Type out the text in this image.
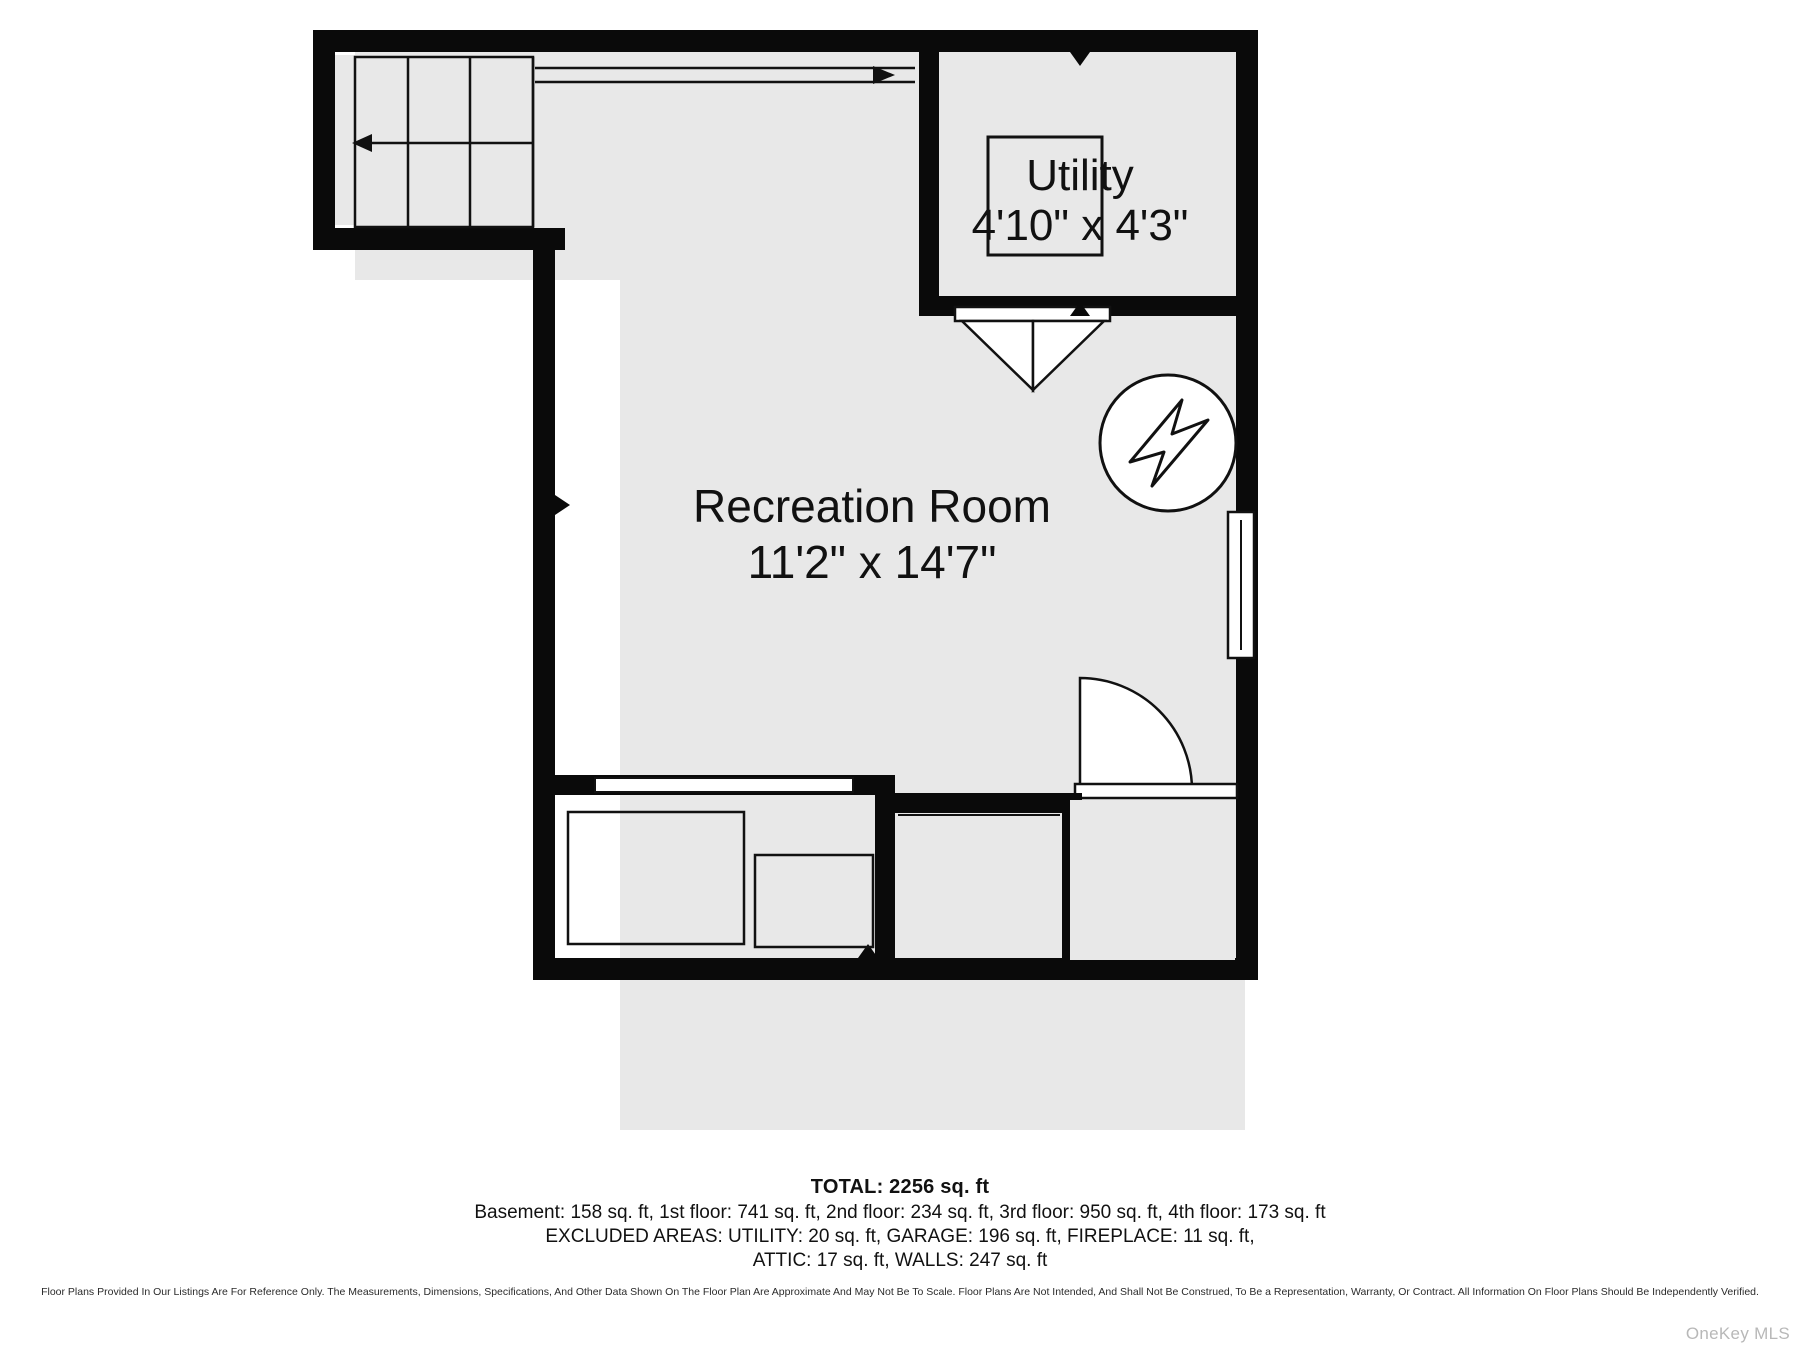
Utility
4'10" x 4'3"
Recreation Room
11'2" x 14'7"
TOTAL: 2256 sq. ft
Basement: 158 sq. ft, 1st floor: 741 sq. ft, 2nd floor: 234 sq. ft, 3rd floor: 950 sq. ft, 4th floor: 173 sq. ft
EXCLUDED AREAS: UTILITY: 20 sq. ft, GARAGE: 196 sq. ft, FIREPLACE: 11 sq. ft,
ATTIC: 17 sq. ft, WALLS: 247 sq. ft
Floor Plans Provided In Our Listings Are For Reference Only. The Measurements, Dimensions, Specifications, And Other Data Shown On The Floor Plan Are Approximate And May Not Be To Scale. Floor Plans Are Not Intended, And Shall Not Be Construed, To Be a Representation, Warranty, Or Contract. All Information On Floor Plans Should Be Independently Verified.
OneKey MLS
